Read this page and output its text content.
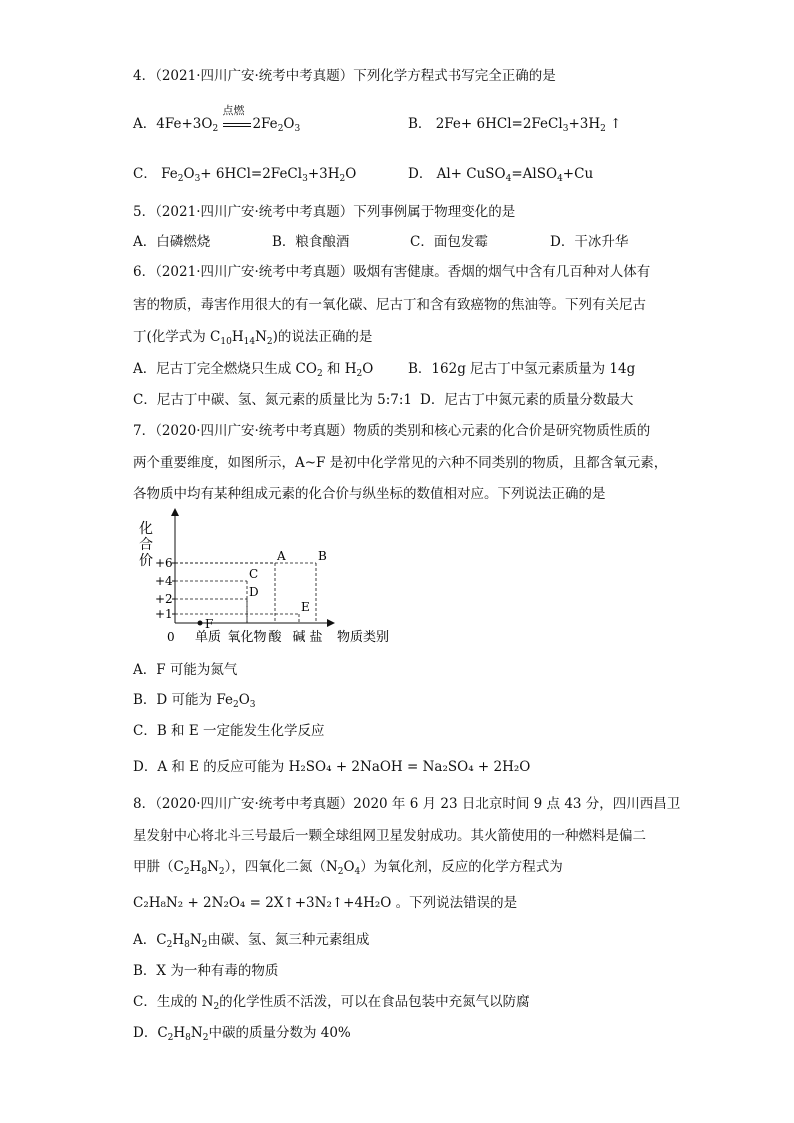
4．（2021·四川广安·统考中考真题）下列化学方程式书写完全正确的是
A．$4Fe+3O_2$
点燃
$2Fe_2O_3$	B． $2Fe+ 6HCl=2FeCl_3+3H_2$ ↑
C． $Fe_2O_3+$ $6HCl=2FeCl_3+3H_2O$	D． Al+ CuSO$_4$=AlSO$_4$+Cu
5．（2021·四川广安·统考中考真题）下列事例属于物理变化的是
A．白磷燃烧	B．粮食酿酒	C．面包发霉	D．干冰升华
6．（2021·四川广安·统考中考真题）吸烟有害健康。香烟的烟气中含有几百种对人体有
害的物质，毒害作用很大的有一氧化碳、尼古丁和含有致癌物的焦油等。下列有关尼古
丁(化学式为 $C_{10}H_{14}N_2$)的说法正确的是
A．尼古丁完全燃烧只生成 $CO_2$ 和 $H_2O$	B．162g 尼古丁中氢元素质量为 14g
C．尼古丁中碳、氢、氮元素的质量比为 5:7:1 D．尼古丁中氮元素的质量分数最大
7．（2020·四川广安·统考中考真题）物质的类别和核心元素的化合价是研究物质性质的
两个重要维度，如图所示，A~F 是初中化学常见的六种不同类别的物质，且都含氧元素，
各物质中均有某种组成元素的化合价与纵坐标的数值相对应。下列说法正确的是
化
合
价 +6
+4
+2
+1
0 单质 氧化物 酸 碱 盐 物质类别
F
D
C
A
E
B
A．F 可能为氮气
B．D 可能为 $Fe_2O_3$
C．B 和 E 一定能发生化学反应
D．A 和 E 的反应可能为 H₂SO₄ + 2NaOH = Na₂SO₄ + 2H₂O
8．（2020·四川广安·统考中考真题）2020 年 6 月 23 日北京时间 9 点 43 分，四川西昌卫
星发射中心将北斗三号最后一颗全球组网卫星发射成功。其火箭使用的一种燃料是偏二
甲肼$(C_2H_8N_2)$，四氧化二氮$(N_2O_4)$为氧化剂，反应的化学方程式为
C₂H₈N₂ + 2N₂O₄ = 2X↑+3N₂↑+4H₂O 。下列说法错误的是
A．$C_2H_8N_2$由碳、氢、氮三种元素组成
B．X 为一种有毒的物质
C．生成的 $N_2$的化学性质不活泼，可以在食品包装中充氮气以防腐
D．$C_2H_8N_2$中碳的质量分数为 40%
